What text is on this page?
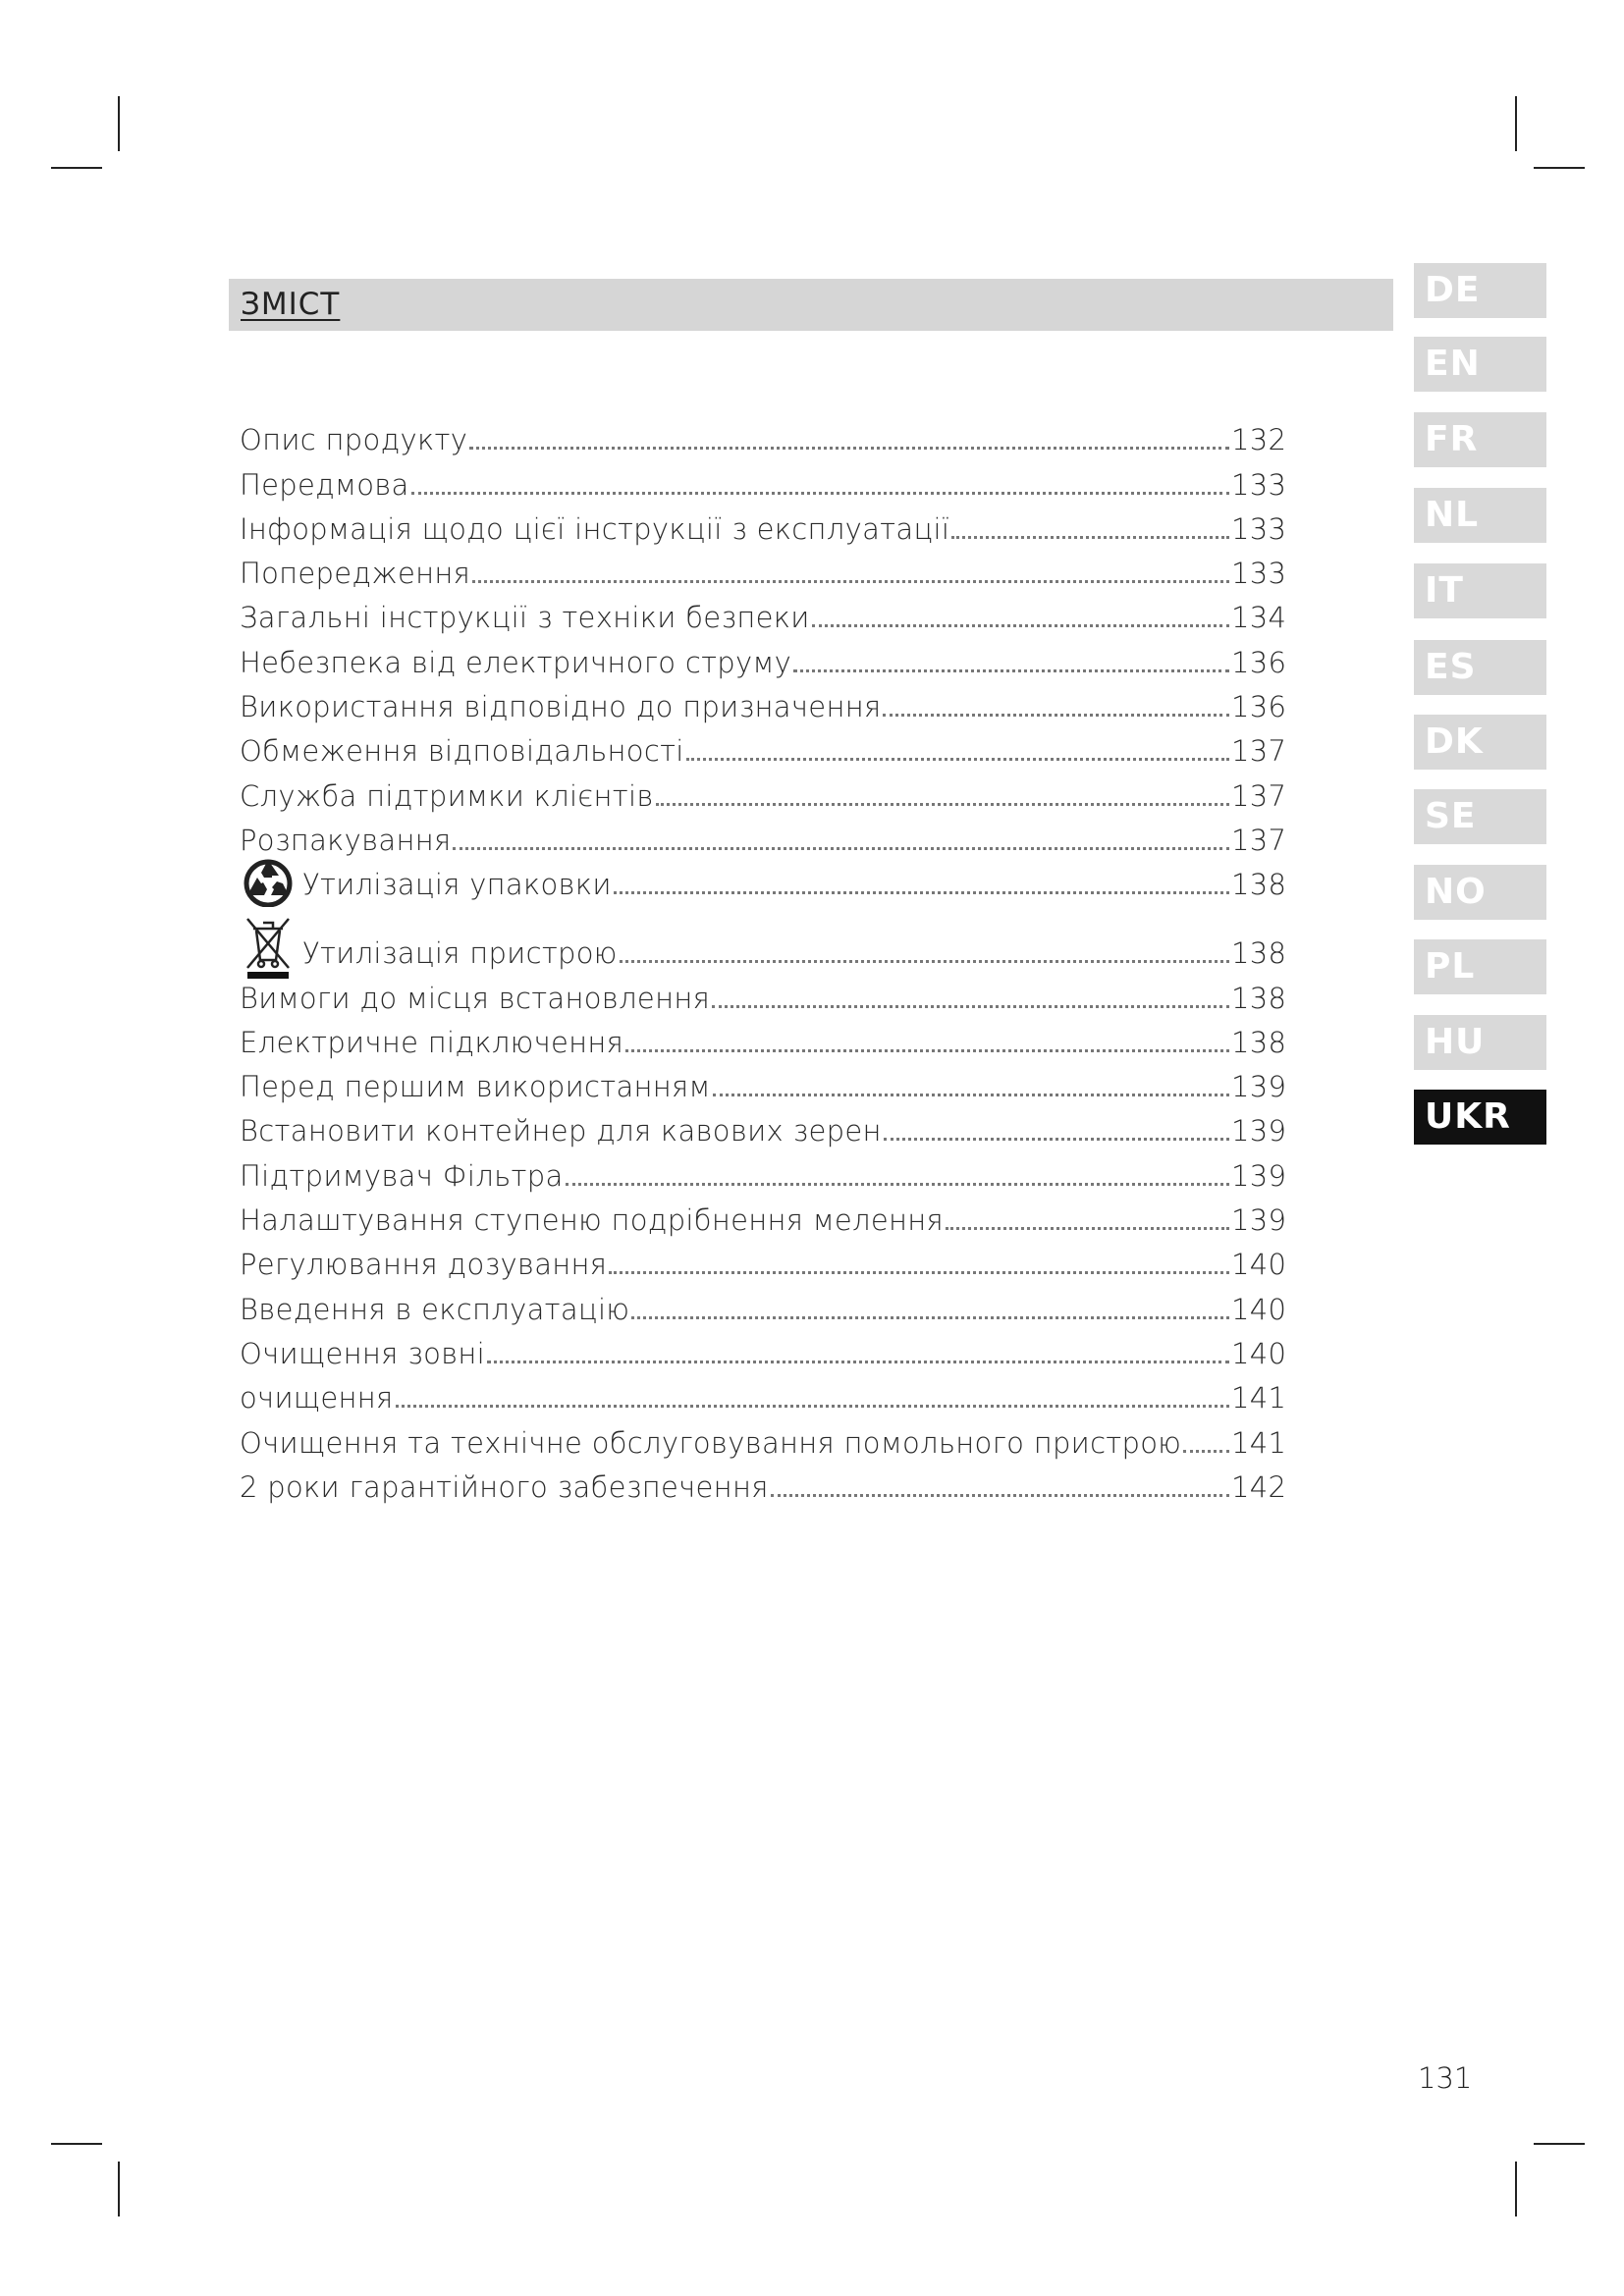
ЗМІСТ
Опис продукту	132
Передмова	133
Інформація щодо цієї інструкції з експлуатації	133
Попередження	133
Загальні інструкції з техніки безпеки	134
Небезпека від електричного струму	136
Використання відповідно до призначення	136
Обмеження відповідальності	137
Служба підтримки клієнтів	137
Розпакування	137
Утилізація упаковки	138
Утилізація пристрою	138
Вимоги до місця встановлення	138
Електричне підключення	138
Перед першим використанням	139
Встановити контейнер для кавових зерен	139
Підтримувач Фільтра	139
Налаштування ступеню подрібнення мелення	139
Регулювання дозування	140
Введення в експлуатацію	140
Очищення зовні	140
очищення	141
Очищення та технічне обслуговування помольного пристрою 141
2 роки гарантійного забезпечення	142
DE
EN
FR
NL
IT
ES
DK
SE
NO
PL
HU
UKR
131
